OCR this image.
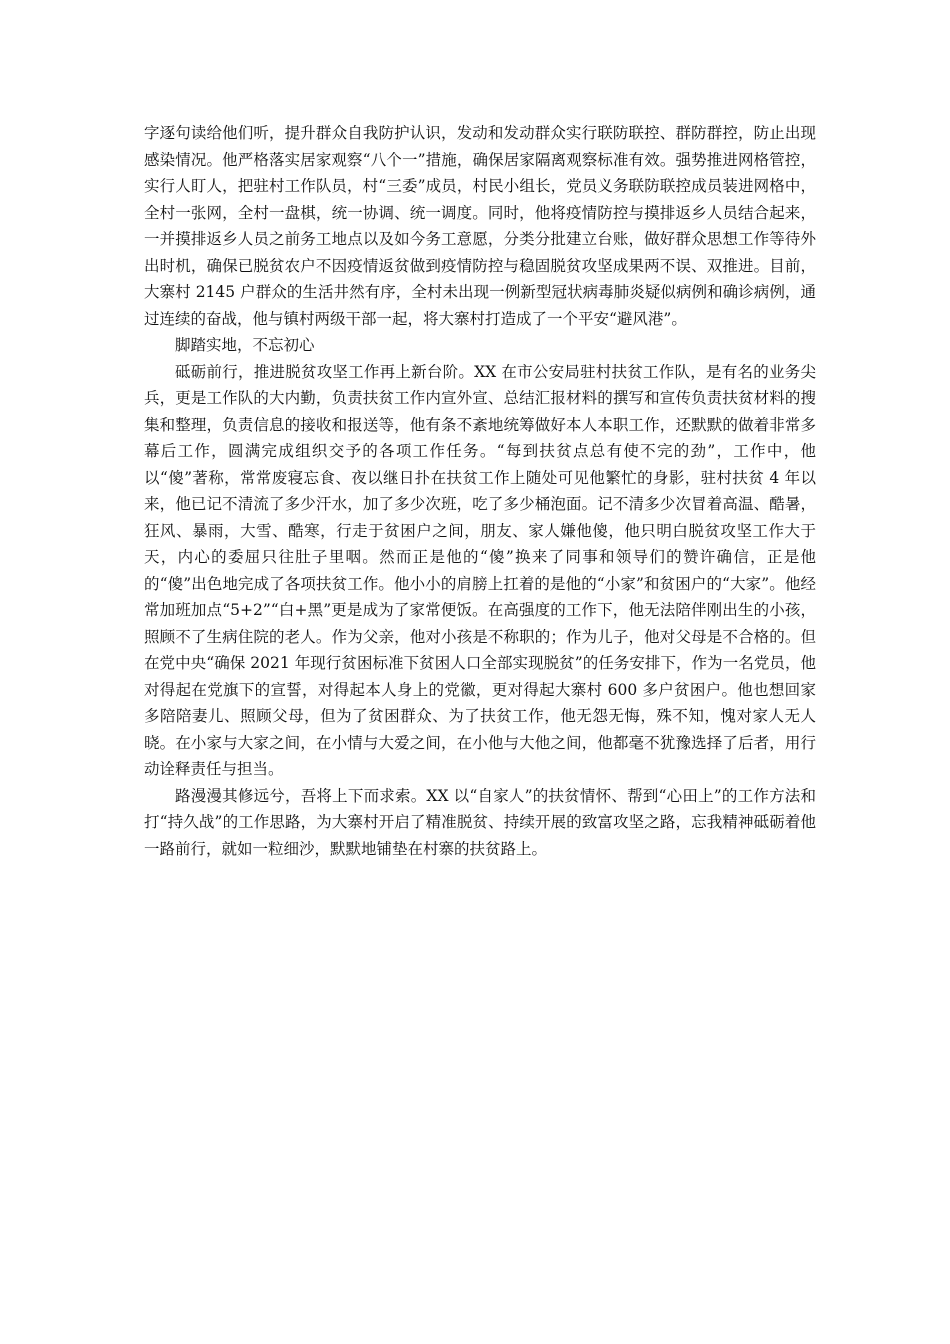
字逐句读给他们听，提升群众自我防护认识，发动和发动群众实行联防联控、群防群控，防止出现感染情况。他严格落实居家观察“八个一”措施，确保居家隔离观察标准有效。强势推进网格管控，实行人盯人，把驻村工作队员，村“三委”成员，村民小组长，党员义务联防联控成员装进网格中，全村一张网，全村一盘棋，统一协调、统一调度。同时，他将疫情防控与摸排返乡人员结合起来，一并摸排返乡人员之前务工地点以及如今务工意愿，分类分批建立台账，做好群众思想工作等待外出时机，确保已脱贫农户不因疫情返贫做到疫情防控与稳固脱贫攻坚成果两不误、双推进。目前，大寨村 2145 户群众的生活井然有序，全村未出现一例新型冠状病毒肺炎疑似病例和确诊病例，通过连续的奋战，他与镇村两级干部一起，将大寨村打造成了一个平安“避风港”。

脚踏实地，不忘初心

砥砺前行，推进脱贫攻坚工作再上新台阶。XX 在市公安局驻村扶贫工作队，是有名的业务尖兵，更是工作队的大内勤，负责扶贫工作内宣外宣、总结汇报材料的撰写和宣传负责扶贫材料的搜集和整理，负责信息的接收和报送等，他有条不紊地统筹做好本人本职工作，还默默的做着非常多幕后工作，圆满完成组织交予的各项工作任务。“每到扶贫点总有使不完的劲”，工作中，他以“傻”著称，常常废寝忘食、夜以继日扑在扶贫工作上随处可见他繁忙的身影，驻村扶贫 4 年以来，他已记不清流了多少汗水，加了多少次班，吃了多少桶泡面。记不清多少次冒着高温、酷暑，狂风、暴雨，大雪、酷寒，行走于贫困户之间，朋友、家人嫌他傻，他只明白脱贫攻坚工作大于天，内心的委屈只往肚子里咽。然而正是他的“傻”换来了同事和领导们的赞许确信，正是他的“傻”出色地完成了各项扶贫工作。他小小的肩膀上扛着的是他的“小家”和贫困户的“大家”。他经常加班加点“5+2”“白+黑”更是成为了家常便饭。在高强度的工作下，他无法陪伴刚出生的小孩，照顾不了生病住院的老人。作为父亲，他对小孩是不称职的；作为儿子，他对父母是不合格的。但在党中央“确保 2021 年现行贫困标准下贫困人口全部实现脱贫”的任务安排下，作为一名党员，他对得起在党旗下的宣誓，对得起本人身上的党徽，更对得起大寨村 600 多户贫困户。他也想回家多陪陪妻儿、照顾父母，但为了贫困群众、为了扶贫工作，他无怨无悔，殊不知，愧对家人无人晓。在小家与大家之间，在小情与大爱之间，在小他与大他之间，他都毫不犹豫选择了后者，用行动诠释责任与担当。

路漫漫其修远兮，吾将上下而求索。XX 以“自家人”的扶贫情怀、帮到“心田上”的工作方法和打“持久战”的工作思路，为大寨村开启了精准脱贫、持续开展的致富攻坚之路，忘我精神砥砺着他一路前行，就如一粒细沙，默默地铺垫在村寨的扶贫路上。
